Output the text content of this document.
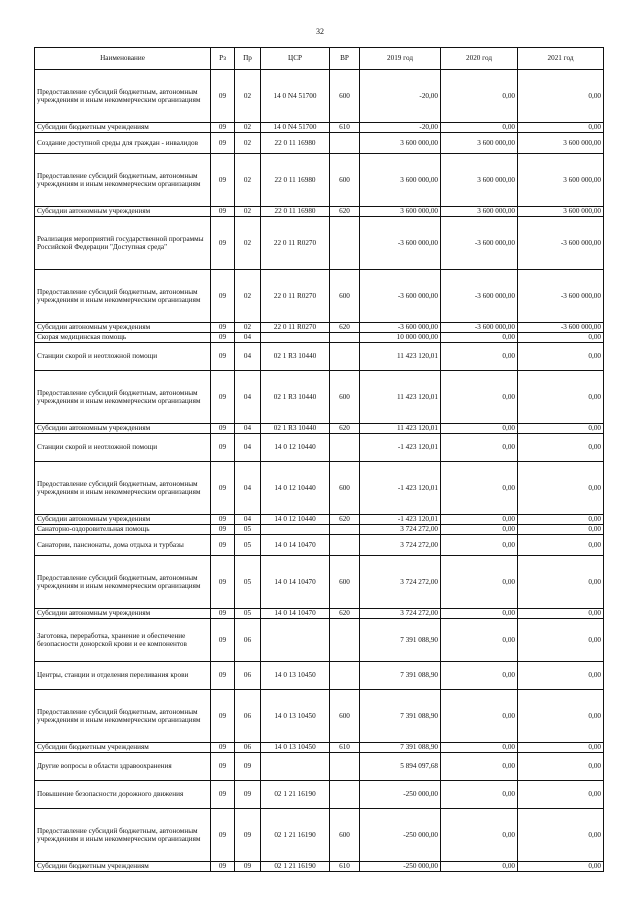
32
Наименование	Рз	Пр	ЦСР	ВР	2019 год	2020 год	2021 год
Предоставление субсидий бюджетным, автономным учреждениям и иным некоммерческим организациям	09	02	14 0 N4 51700	600	-20,00	0,00	0,00
Субсидии бюджетным учреждениям	09	02	14 0 N4 51700	610	-20,00	0,00	0,00
Создание доступной среды для граждан - инвалидов	09	02	22 0 11 16980		3 600 000,00	3 600 000,00	3 600 000,00
Предоставление субсидий бюджетным, автономным учреждениям и иным некоммерческим организациям	09	02	22 0 11 16980	600	3 600 000,00	3 600 000,00	3 600 000,00
Субсидии автономным учреждениям	09	02	22 0 11 16980	620	3 600 000,00	3 600 000,00	3 600 000,00
Реализация мероприятий государственной программы Российской Федерации "Доступная среда"	09	02	22 0 11 R0270		-3 600 000,00	-3 600 000,00	-3 600 000,00
Предоставление субсидий бюджетным, автономным учреждениям и иным некоммерческим организациям	09	02	22 0 11 R0270	600	-3 600 000,00	-3 600 000,00	-3 600 000,00
Субсидии автономным учреждениям	09	02	22 0 11 R0270	620	-3 600 000,00	-3 600 000,00	-3 600 000,00
Скорая медицинская помощь	09	04			10 000 000,00	0,00	0,00
Станции скорой и неотложной помощи	09	04	02 1 R3 10440		11 423 120,01	0,00	0,00
Предоставление субсидий бюджетным, автономным учреждениям и иным некоммерческим организациям	09	04	02 1 R3 10440	600	11 423 120,01	0,00	0,00
Субсидии автономным учреждениям	09	04	02 1 R3 10440	620	11 423 120,01	0,00	0,00
Станции скорой и неотложной помощи	09	04	14 0 12 10440		-1 423 120,01	0,00	0,00
Предоставление субсидий бюджетным, автономным учреждениям и иным некоммерческим организациям	09	04	14 0 12 10440	600	-1 423 120,01	0,00	0,00
Субсидии автономным учреждениям	09	04	14 0 12 10440	620	-1 423 120,01	0,00	0,00
Санаторно-оздоровительная помощь	09	05			3 724 272,00	0,00	0,00
Санатории, пансионаты, дома отдыха и турбазы	09	05	14 0 14 10470		3 724 272,00	0,00	0,00
Предоставление субсидий бюджетным, автономным учреждениям и иным некоммерческим организациям	09	05	14 0 14 10470	600	3 724 272,00	0,00	0,00
Субсидии автономным учреждениям	09	05	14 0 14 10470	620	3 724 272,00	0,00	0,00
Заготовка, переработка, хранение и обеспечение безопасности донорской крови и ее компонентов	09	06			7 391 088,90	0,00	0,00
Центры, станции и отделения переливания крови	09	06	14 0 13 10450		7 391 088,90	0,00	0,00
Предоставление субсидий бюджетным, автономным учреждениям и иным некоммерческим организациям	09	06	14 0 13 10450	600	7 391 088,90	0,00	0,00
Субсидии бюджетным учреждениям	09	06	14 0 13 10450	610	7 391 088,90	0,00	0,00
Другие вопросы в области здравоохранения	09	09			5 894 097,68	0,00	0,00
Повышение безопасности дорожного движения	09	09	02 1 21 16190		-250 000,00	0,00	0,00
Предоставление субсидий бюджетным, автономным учреждениям и иным некоммерческим организациям	09	09	02 1 21 16190	600	-250 000,00	0,00	0,00
Субсидии бюджетным учреждениям	09	09	02 1 21 16190	610	-250 000,00	0,00	0,00
